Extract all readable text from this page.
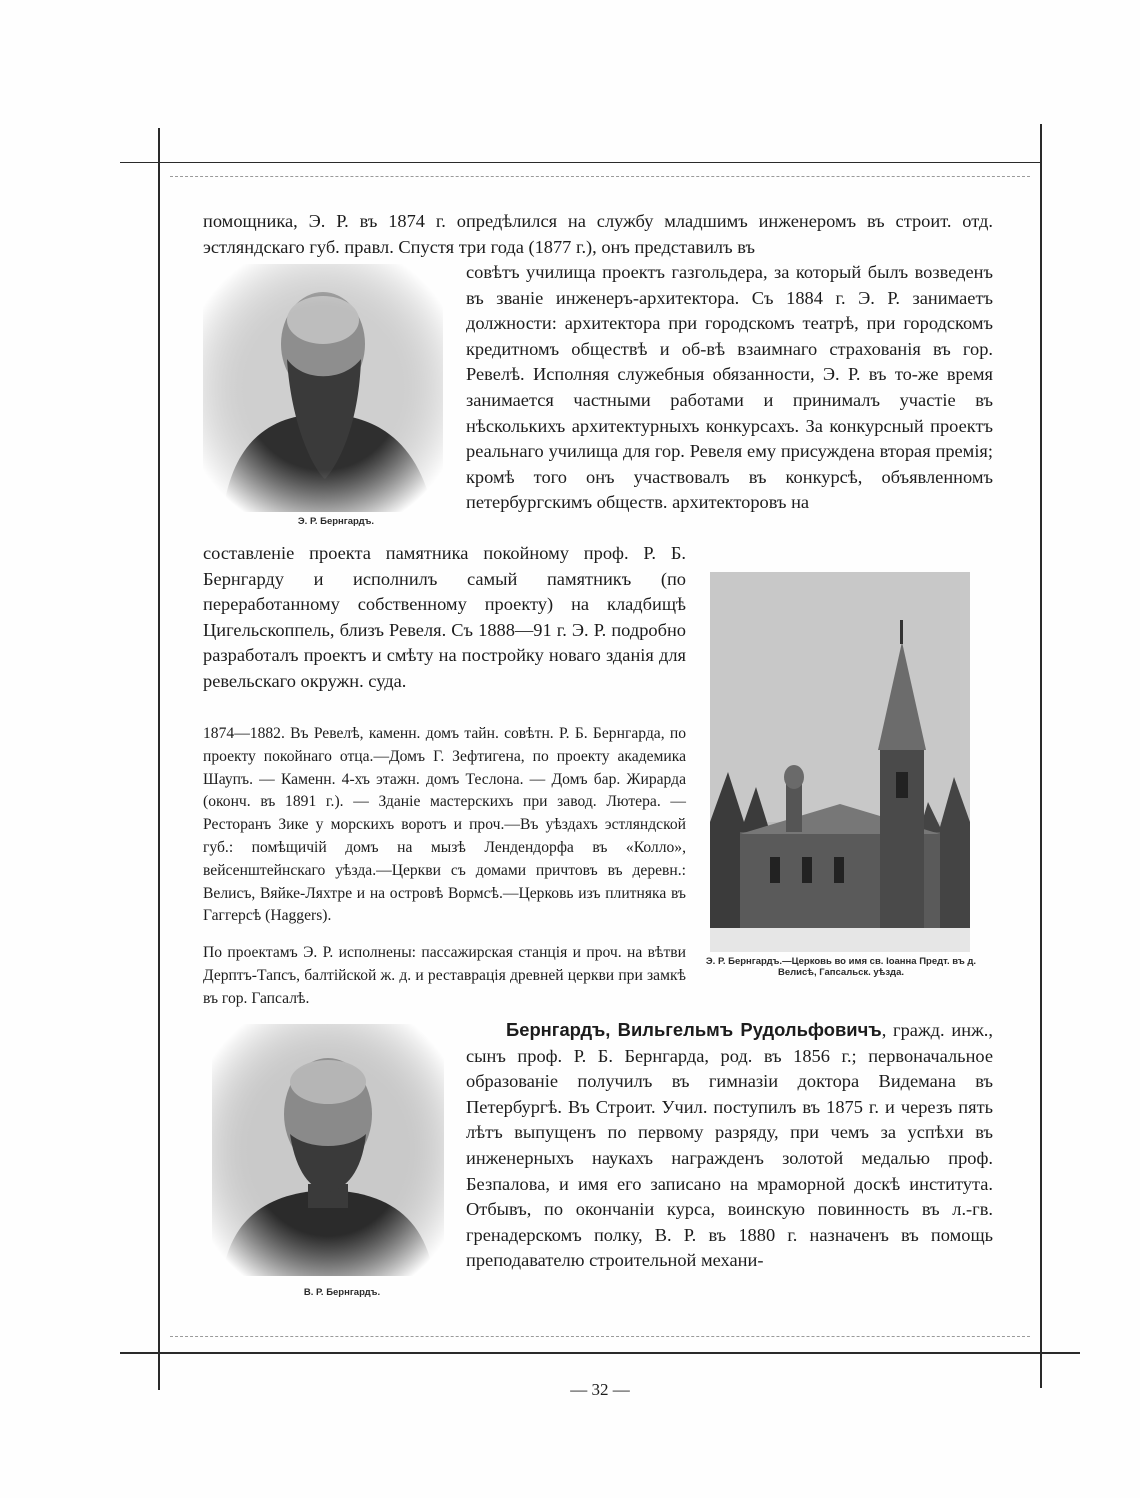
помощника, Э. Р. въ 1874 г. опредѣлился на службу младшимъ инженеромъ въ строит. отд. эстляндскаго губ. правл. Спустя три года (1877 г.), онъ представилъ въ

Э. Р. Бернгардъ.

совѣтъ училища проектъ газгольдера, за который былъ возведенъ въ званіе инженеръ-архитектора. Съ 1884 г. Э. Р. занимаетъ должности: архитектора при городскомъ театрѣ, при городскомъ кредитномъ обществѣ и об-вѣ взаимнаго страхованія въ гор. Ревелѣ. Исполняя служебныя обязанности, Э. Р. въ то-же время занимается частными работами и принималъ участіе въ нѣсколькихъ архитектурныхъ конкурсахъ. За конкурсный проектъ реальнаго училища для гор. Ревеля ему присуждена вторая премія; кромѣ того онъ участвовалъ въ конкурсѣ, объявленномъ петербургскимъ обществ. архитекторовъ на

составленіе проекта памятника покойному проф. Р. Б. Бернгарду и исполнилъ самый памятникъ (по переработанному собственному проекту) на кладбищѣ Цигельскоппель, близъ Ревеля. Съ 1888—91 г. Э. Р. подробно разработалъ проектъ и смѣту на постройку новаго зданія для ревельскаго окружн. суда.

Э. Р. Бернгардъ.—Церковь во имя св. Іоанна Предт. въ д. Велисѣ, Гапсальск. уѣзда.

1874—1882. Въ Ревелѣ, каменн. домъ тайн. совѣтн. Р. Б. Бернгарда, по проекту покойнаго отца.—Домъ Г. Зефтигена, по проекту академика Шаупъ. — Каменн. 4-хъ этажн. домъ Теслона. — Домъ бар. Жирарда (оконч. въ 1891 г.). — Зданіе мастерскихъ при завод. Лютера. — Ресторанъ Зике у морскихъ воротъ и проч.—Въ уѣздахъ эстляндской губ.: помѣщичій домъ на мызѣ Лендендорфа въ «Колло», вейсенштейнскаго уѣзда.—Церкви съ домами причтовъ въ деревн.: Велисъ, Вяйке-Ляхтре и на островѣ Вормсѣ.—Церковь изъ плитняка въ Гаггерсѣ (Haggers).

По проектамъ Э. Р. исполнены: пассажирская станція и проч. на вѣтви Дерптъ-Тапсъ, балтійской ж. д. и реставрація древней церкви при замкѣ въ гор. Гапсалѣ.

В. Р. Бернгардъ.

Бернгардъ, Вильгельмъ Рудольфовичъ, гражд. инж., сынъ проф. Р. Б. Бернгарда, род. въ 1856 г.; первоначальное образованіе получилъ въ гимназіи доктора Видемана въ Петербургѣ. Въ Строит. Учил. поступилъ въ 1875 г. и черезъ пять лѣтъ выпущенъ по первому разряду, при чемъ за успѣхи въ инженерныхъ наукахъ награжденъ золотой медалью проф. Безпалова, и имя его записано на мраморной доскѣ института. Отбывъ, по окончаніи курса, воинскую повинность въ л.-гв. гренадерскомъ полку, В. Р. въ 1880 г. назначенъ въ помощь преподавателю строительной механи-

— 32 —
